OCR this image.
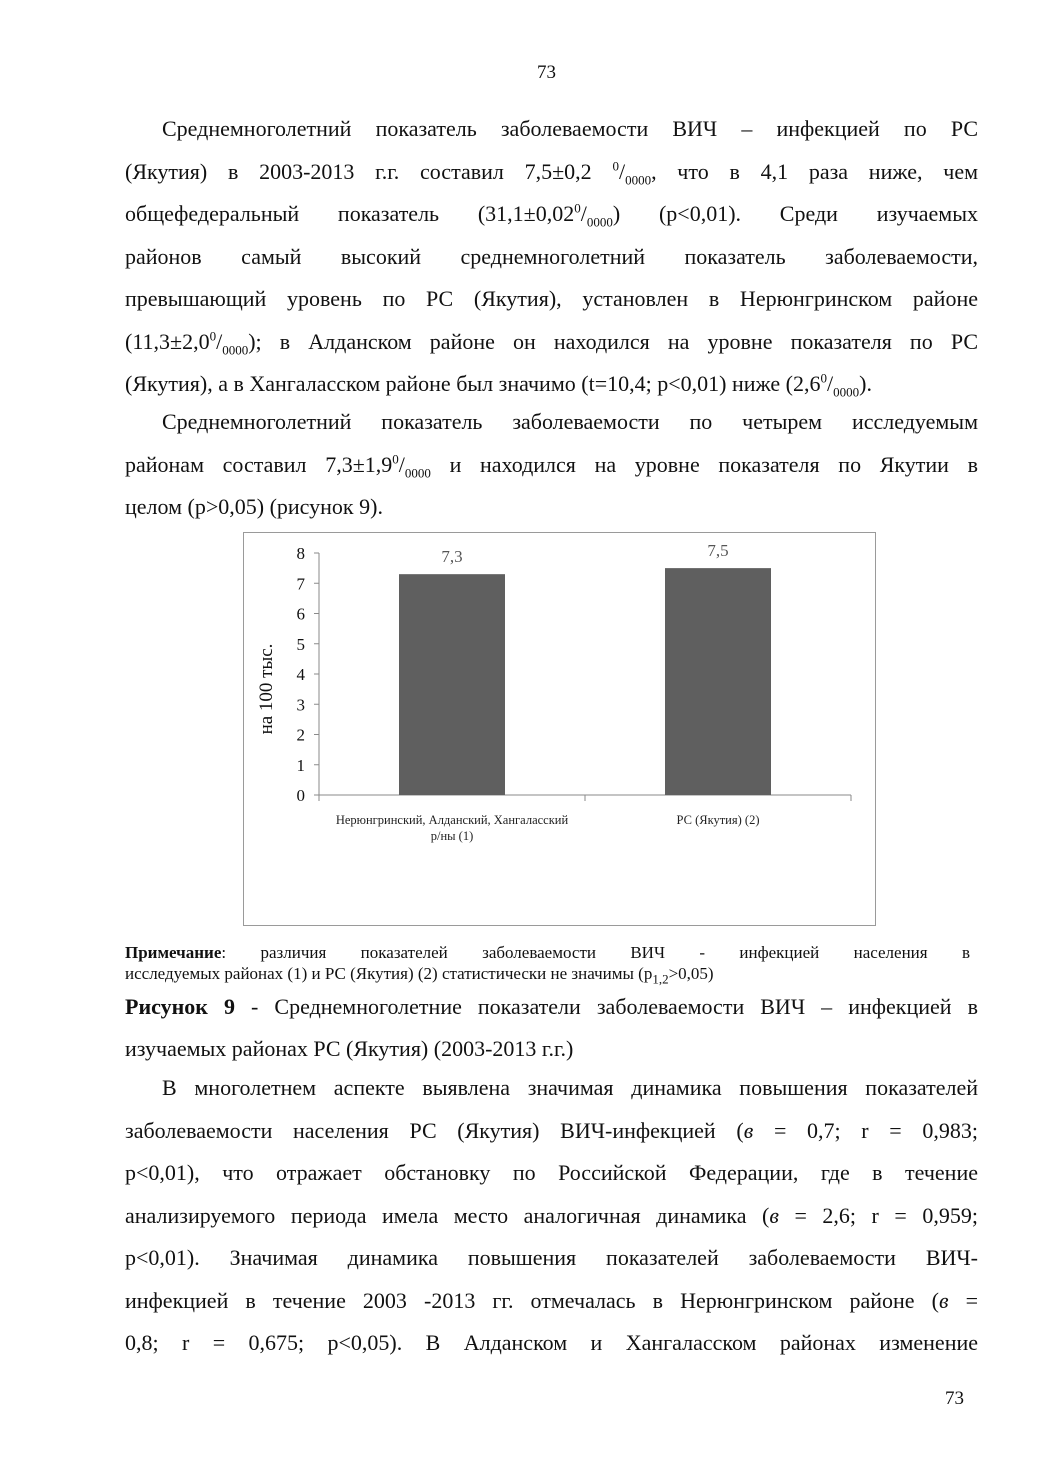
73
Среднемноголетний показатель заболеваемости ВИЧ – инфекцией по РС
(Якутия) в 2003-2013 г.г. составил 7,5±0,2 $^0/_{0000}$, что в 4,1 раза ниже, чем
общефедеральный показатель $(31,1\pm 0,02^0/_{0000})$ (p<0,01). Среди изучаемых
районов самый высокий среднемноголетний показатель заболеваемости,
превышающий уровень по РС (Якутия), установлен в Нерюнгринском районе
$(11,3\pm 2,0^0/_{0000})$; в Алданском районе он находился на уровне показателя по РС
(Якутия), а в Хангаласском районе был значимо (t=10,4; p<0,01) ниже $(2,6^0/_{0000})$.
Среднемноголетний показатель заболеваемости по четырем исследуемым
районам составил $7,3\pm 1,9^0/_{0000}$ и находился на уровне показателя по Якутии в
целом (p>0,05) (рисунок 9).
0
1
2
3
4
5
6
7
8	7,3
Нерюнгринский, Алданский, Хангаласский
р/ны (1)
7,5
РС (Якутия) (2)
на 100 тыс.
Примечание: различия показателей заболеваемости ВИЧ - инфекцией населения в
исследуемых районах (1) и РС (Якутия) (2) статистически не значимы $(p_{1,2}>0,05)$
Рисунок 9 - Среднемноголетние показатели заболеваемости ВИЧ – инфекцией в
изучаемых районах РС (Якутия) (2003-2013 г.г.)
В многолетнем аспекте выявлена значимая динамика повышения показателей
заболеваемости населения РС (Якутия) ВИЧ-инфекцией (в = 0,7; r = 0,983;
p<0,01), что отражает обстановку по Российской Федерации, где в течение
анализируемого периода имела место аналогичная динамика (в = 2,6; r = 0,959;
p<0,01). Значимая динамика повышения показателей заболеваемости ВИЧ-
инфекцией в течение 2003 -2013 гг. отмечалась в Нерюнгринском районе (в =
0,8; r = 0,675; p<0,05). В Алданском и Хангаласском районах изменение
73
